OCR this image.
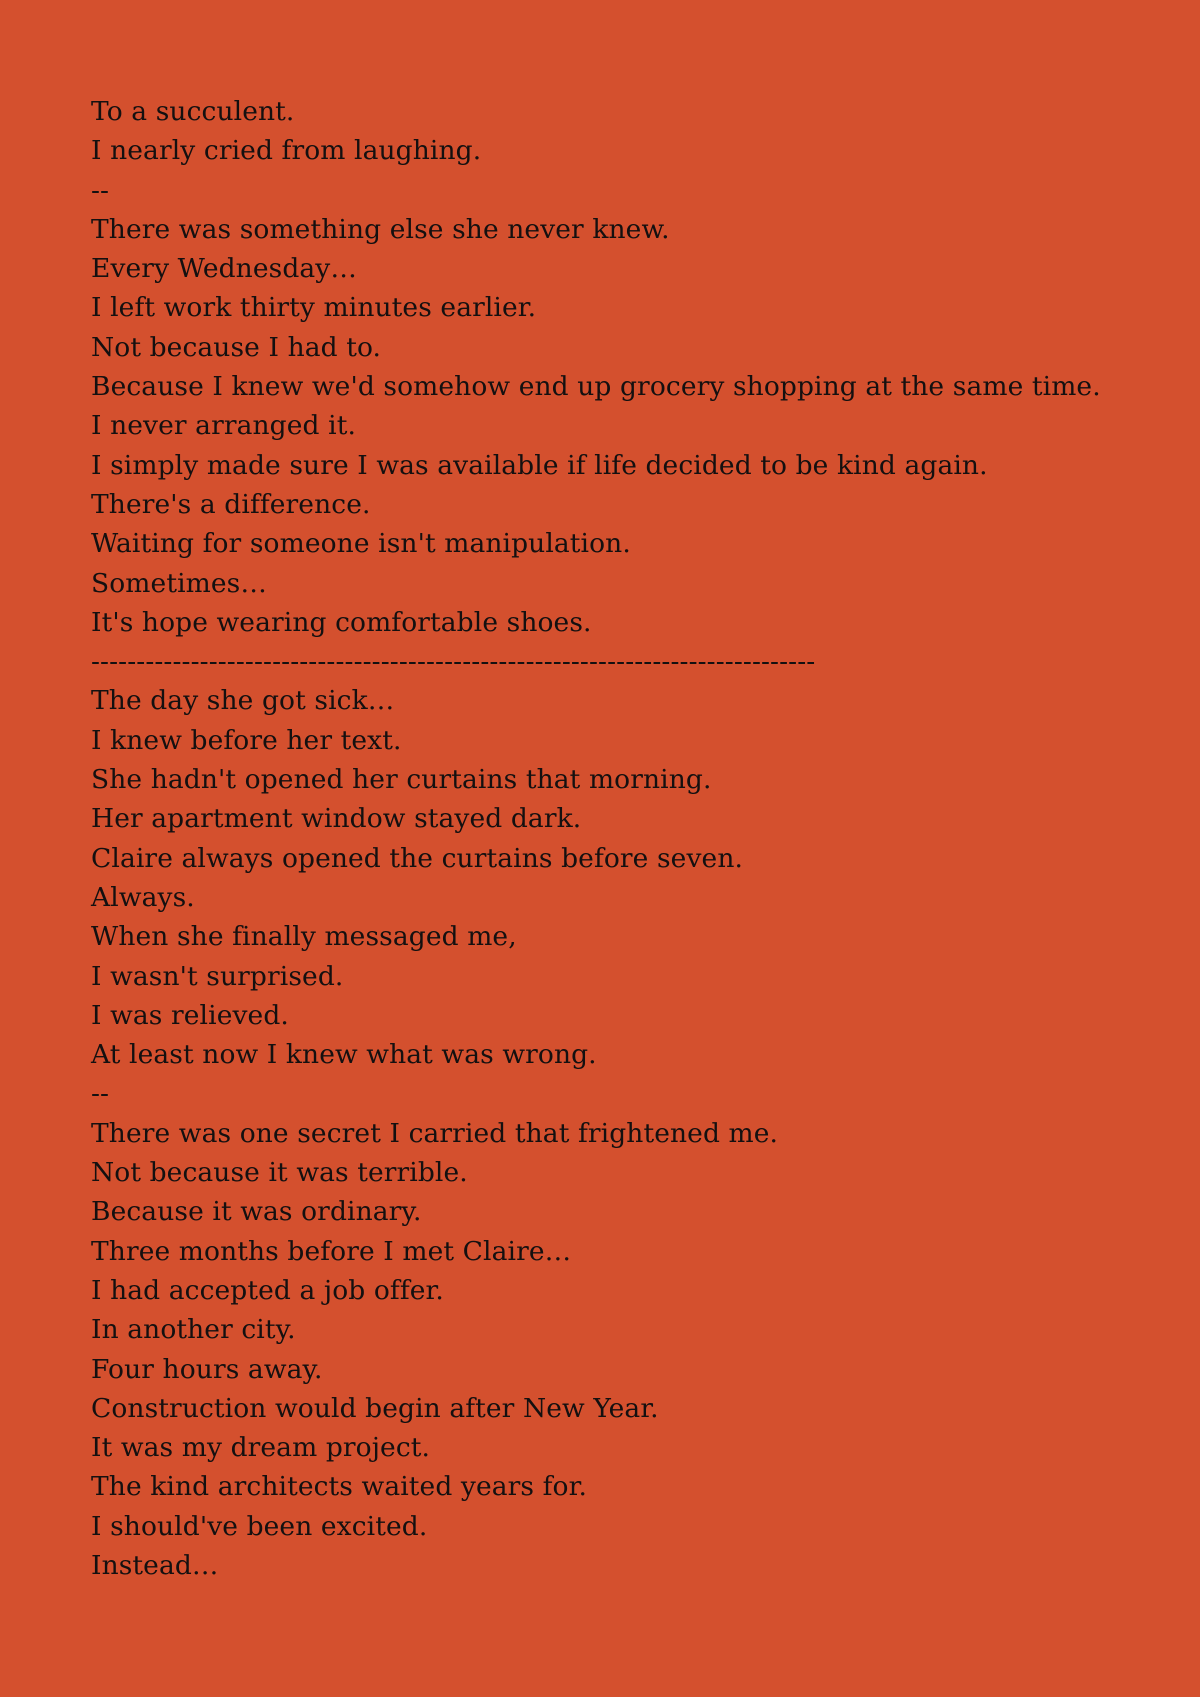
To a succulent.
I nearly cried from laughing.
--
There was something else she never knew.
Every Wednesday…
I left work thirty minutes earlier.
Not because I had to.
Because I knew we'd somehow end up grocery shopping at the same time.
I never arranged it.
I simply made sure I was available if life decided to be kind again.
There's a difference.
Waiting for someone isn't manipulation.
Sometimes…
It's hope wearing comfortable shoes.
--------------------------------------------------------------------------------
The day she got sick…
I knew before her text.
She hadn't opened her curtains that morning.
Her apartment window stayed dark.
Claire always opened the curtains before seven.
Always.
When she finally messaged me,
I wasn't surprised.
I was relieved.
At least now I knew what was wrong.
--
There was one secret I carried that frightened me.
Not because it was terrible.
Because it was ordinary.
Three months before I met Claire…
I had accepted a job offer.
In another city.
Four hours away.
Construction would begin after New Year.
It was my dream project.
The kind architects waited years for.
I should've been excited.
Instead…
